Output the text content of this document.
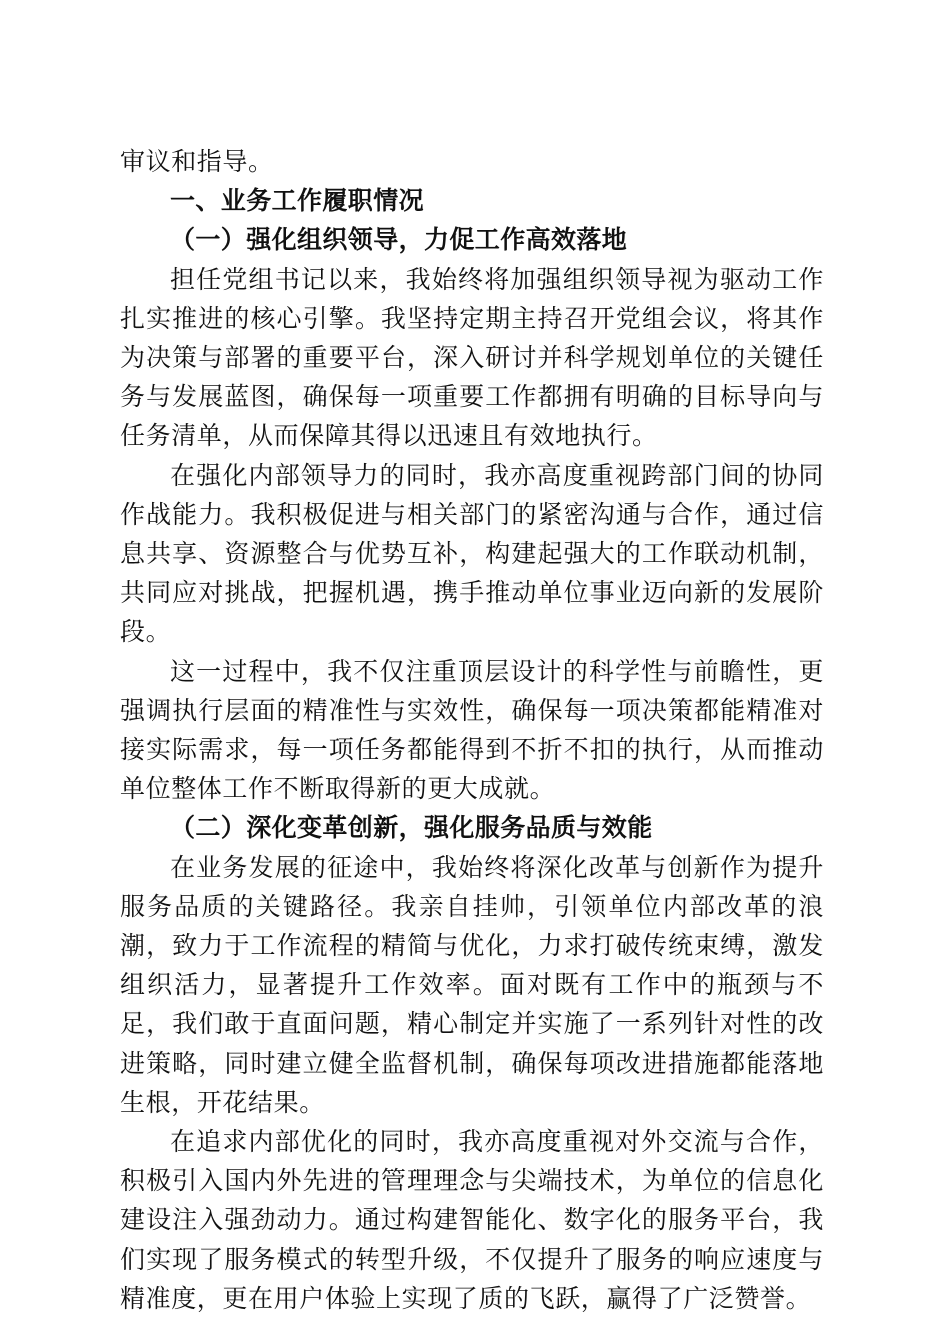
审议和指导。

一、业务工作履职情况

（一）强化组织领导，力促工作高效落地

担任党组书记以来，我始终将加强组织领导视为驱动工作扎实推进的核心引擎。我坚持定期主持召开党组会议，将其作为决策与部署的重要平台，深入研讨并科学规划单位的关键任务与发展蓝图，确保每一项重要工作都拥有明确的目标导向与任务清单，从而保障其得以迅速且有效地执行。

在强化内部领导力的同时，我亦高度重视跨部门间的协同作战能力。我积极促进与相关部门的紧密沟通与合作，通过信息共享、资源整合与优势互补，构建起强大的工作联动机制，共同应对挑战，把握机遇，携手推动单位事业迈向新的发展阶段。

这一过程中，我不仅注重顶层设计的科学性与前瞻性，更强调执行层面的精准性与实效性，确保每一项决策都能精准对接实际需求，每一项任务都能得到不折不扣的执行，从而推动单位整体工作不断取得新的更大成就。

（二）深化变革创新，强化服务品质与效能

在业务发展的征途中，我始终将深化改革与创新作为提升服务品质的关键路径。我亲自挂帅，引领单位内部改革的浪潮，致力于工作流程的精简与优化，力求打破传统束缚，激发组织活力，显著提升工作效率。面对既有工作中的瓶颈与不足，我们敢于直面问题，精心制定并实施了一系列针对性的改进策略，同时建立健全监督机制，确保每项改进措施都能落地生根，开花结果。

在追求内部优化的同时，我亦高度重视对外交流与合作，积极引入国内外先进的管理理念与尖端技术，为单位的信息化建设注入强劲动力。通过构建智能化、数字化的服务平台，我们实现了服务模式的转型升级，不仅提升了服务的响应速度与精准度，更在用户体验上实现了质的飞跃，赢得了广泛赞誉。
